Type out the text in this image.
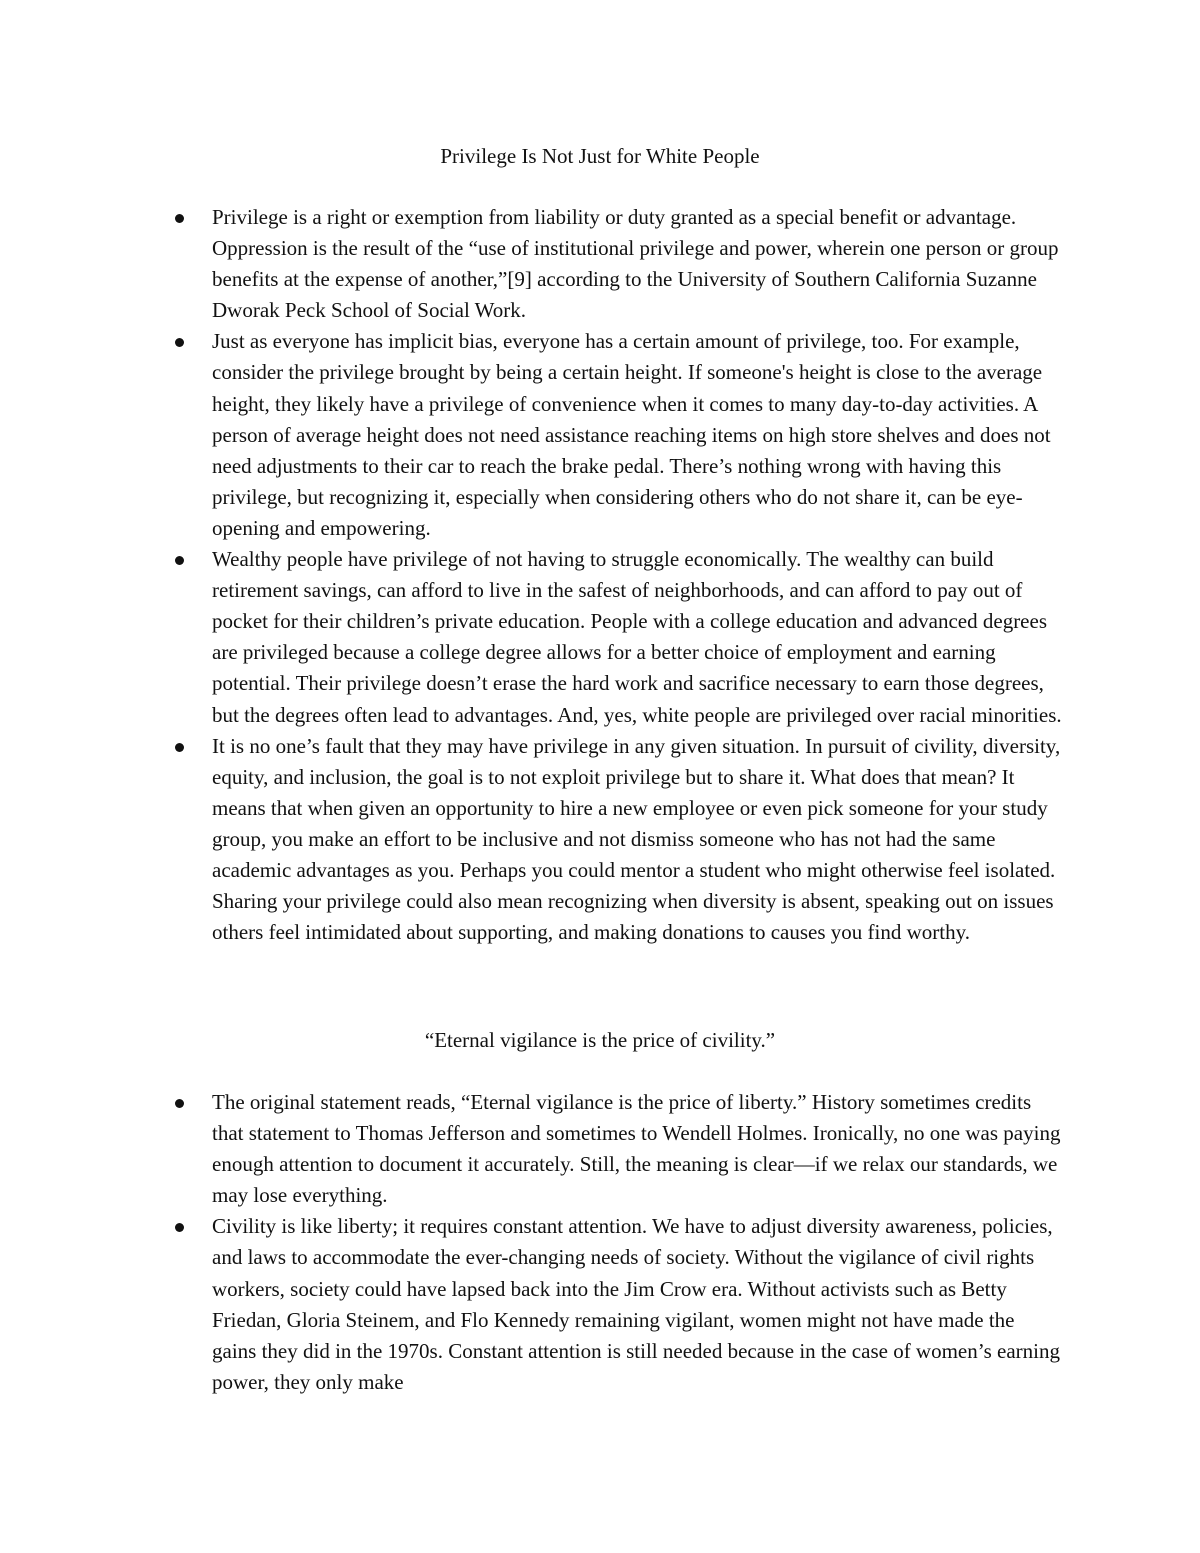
Privilege Is Not Just for White People
Privilege is a right or exemption from liability or duty granted as a special benefit or advantage. Oppression is the result of the “use of institutional privilege and power, wherein one person or group benefits at the expense of another,”[9] according to the University of Southern California Suzanne Dworak Peck School of Social Work.
Just as everyone has implicit bias, everyone has a certain amount of privilege, too. For example, consider the privilege brought by being a certain height. If someone's height is close to the average height, they likely have a privilege of convenience when it comes to many day-to-day activities. A person of average height does not need assistance reaching items on high store shelves and does not need adjustments to their car to reach the brake pedal. There’s nothing wrong with having this privilege, but recognizing it, especially when considering others who do not share it, can be eye-opening and empowering.
Wealthy people have privilege of not having to struggle economically. The wealthy can build retirement savings, can afford to live in the safest of neighborhoods, and can afford to pay out of pocket for their children’s private education. People with a college education and advanced degrees are privileged because a college degree allows for a better choice of employment and earning potential. Their privilege doesn’t erase the hard work and sacrifice necessary to earn those degrees, but the degrees often lead to advantages. And, yes, white people are privileged over racial minorities.
It is no one’s fault that they may have privilege in any given situation. In pursuit of civility, diversity, equity, and inclusion, the goal is to not exploit privilege but to share it. What does that mean? It means that when given an opportunity to hire a new employee or even pick someone for your study group, you make an effort to be inclusive and not dismiss someone who has not had the same academic advantages as you. Perhaps you could mentor a student who might otherwise feel isolated. Sharing your privilege could also mean recognizing when diversity is absent, speaking out on issues others feel intimidated about supporting, and making donations to causes you find worthy.

“Eternal vigilance is the price of civility.”

The original statement reads, “Eternal vigilance is the price of liberty.” History sometimes credits that statement to Thomas Jefferson and sometimes to Wendell Holmes. Ironically, no one was paying enough attention to document it accurately. Still, the meaning is clear—if we relax our standards, we may lose everything.
Civility is like liberty; it requires constant attention. We have to adjust diversity awareness, policies, and laws to accommodate the ever-changing needs of society. Without the vigilance of civil rights workers, society could have lapsed back into the Jim Crow era. Without activists such as Betty Friedan, Gloria Steinem, and Flo Kennedy remaining vigilant, women might not have made the gains they did in the 1970s. Constant attention is still needed because in the case of women’s earning power, they only make
